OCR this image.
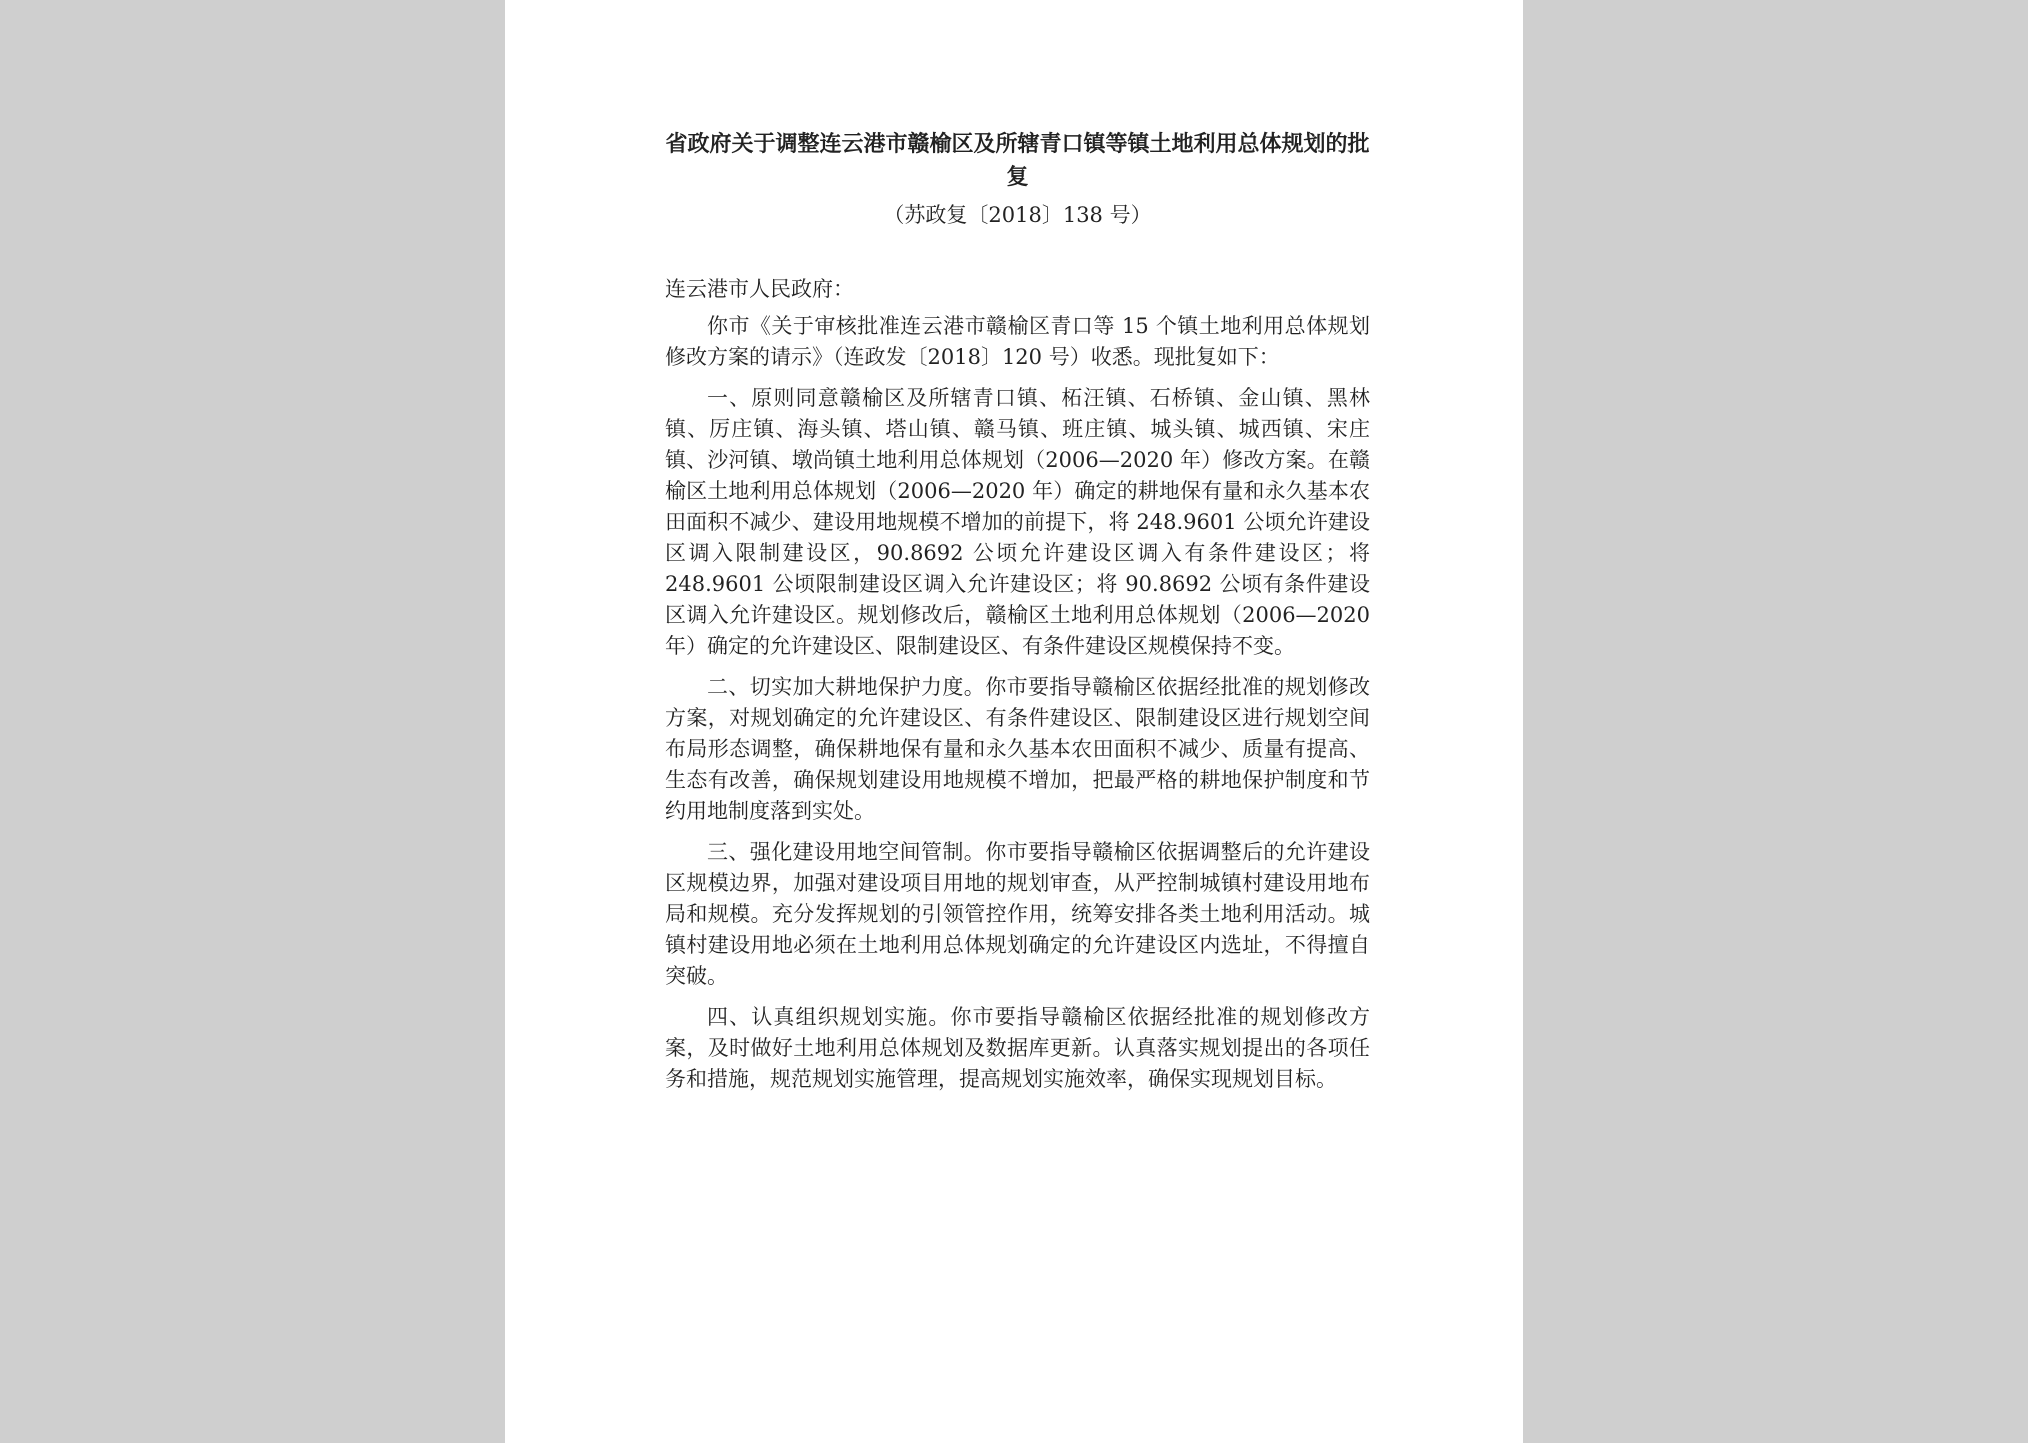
省政府关于调整连云港市赣榆区及所辖青口镇等镇土地利用总体规划的批复

（苏政复〔2018〕138 号）

连云港市人民政府：

你市《关于审核批准连云港市赣榆区青口等 15 个镇土地利用总体规划修改方案的请示》（连政发〔2018〕120 号）收悉。现批复如下：

一、原则同意赣榆区及所辖青口镇、柘汪镇、石桥镇、金山镇、黑林镇、厉庄镇、海头镇、塔山镇、赣马镇、班庄镇、城头镇、城西镇、宋庄镇、沙河镇、墩尚镇土地利用总体规划（2006—2020 年）修改方案。在赣榆区土地利用总体规划（2006—2020 年）确定的耕地保有量和永久基本农田面积不减少、建设用地规模不增加的前提下，将 248.9601 公顷允许建设区调入限制建设区，90.8692 公顷允许建设区调入有条件建设区；将 248.9601 公顷限制建设区调入允许建设区；将 90.8692 公顷有条件建设区调入允许建设区。规划修改后，赣榆区土地利用总体规划（2006—2020 年）确定的允许建设区、限制建设区、有条件建设区规模保持不变。

二、切实加大耕地保护力度。你市要指导赣榆区依据经批准的规划修改方案，对规划确定的允许建设区、有条件建设区、限制建设区进行规划空间布局形态调整，确保耕地保有量和永久基本农田面积不减少、质量有提高、生态有改善，确保规划建设用地规模不增加，把最严格的耕地保护制度和节约用地制度落到实处。

三、强化建设用地空间管制。你市要指导赣榆区依据调整后的允许建设区规模边界，加强对建设项目用地的规划审查，从严控制城镇村建设用地布局和规模。充分发挥规划的引领管控作用，统筹安排各类土地利用活动。城镇村建设用地必须在土地利用总体规划确定的允许建设区内选址，不得擅自突破。

四、认真组织规划实施。你市要指导赣榆区依据经批准的规划修改方案，及时做好土地利用总体规划及数据库更新。认真落实规划提出的各项任务和措施，规范规划实施管理，提高规划实施效率，确保实现规划目标。
